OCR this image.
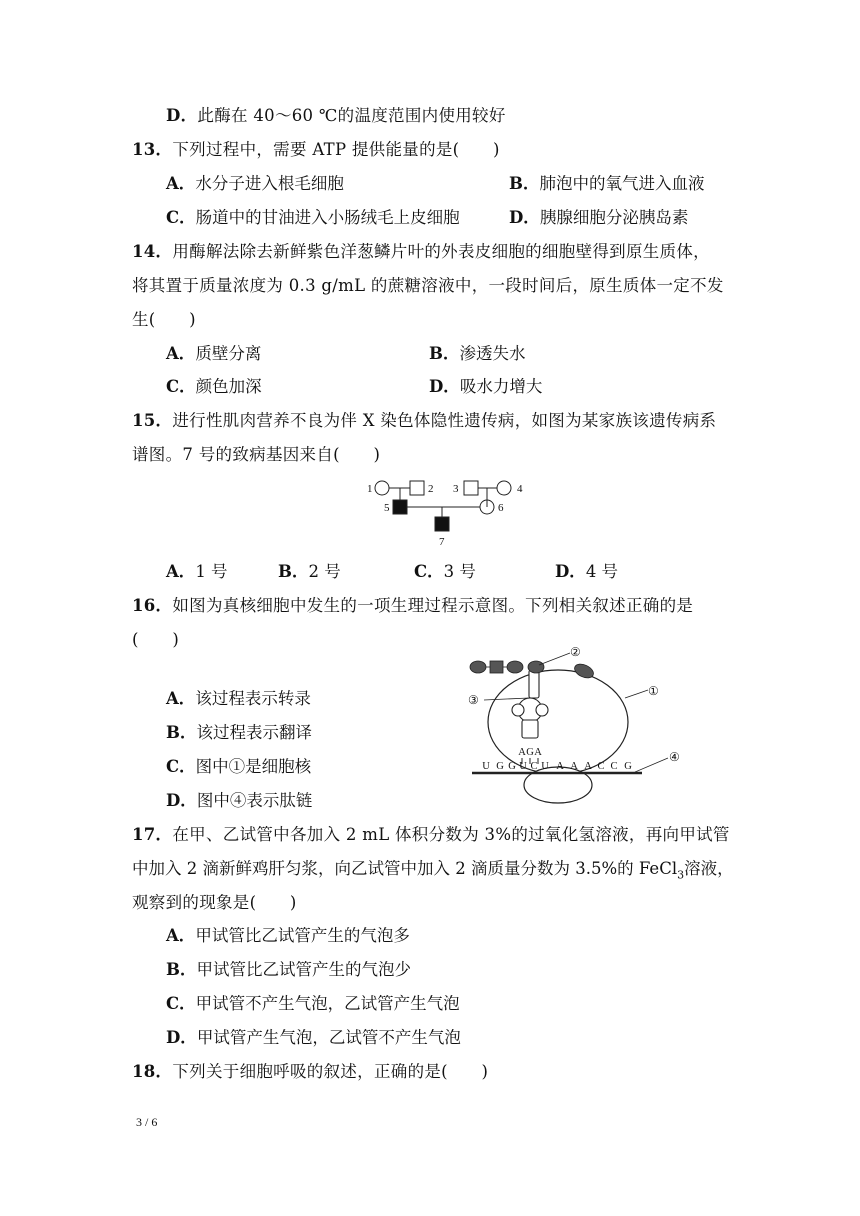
D．此酶在 40～60 ℃的温度范围内使用较好
13．下列过程中，需要 ATP 提供能量的是(　　)
A．水分子进入根毛细胞	B．肺泡中的氧气进入血液
C．肠道中的甘油进入小肠绒毛上皮细胞	D．胰腺细胞分泌胰岛素
14．用酶解法除去新鲜紫色洋葱鳞片叶的外表皮细胞的细胞壁得到原生质体，
将其置于质量浓度为 0.3 g/mL 的蔗糖溶液中，一段时间后，原生质体一定不发
生(　　)
A．质壁分离	B．渗透失水
C．颜色加深	D．吸水力增大
15．进行性肌肉营养不良为伴 X 染色体隐性遗传病，如图为某家族该遗传病系
谱图。7 号的致病基因来自(　　)
1	2 3	4
5	6
7
A．1 号	B．2 号	C．3 号	D．4 号
16．如图为真核细胞中发生的一项生理过程示意图。下列相关叙述正确的是
(　　)
A．该过程表示转录
B．该过程表示翻译
C．图中①是细胞核
D．图中④表示肽链
①
②
③
④
A G A
U G G U C U A A A C C G
17．在甲、乙试管中各加入 2 mL 体积分数为 3%的过氧化氢溶液，再向甲试管
中加入 2 滴新鲜鸡肝匀浆，向乙试管中加入 2 滴质量分数为 3.5%的 FeCl$_3$溶液，
观察到的现象是(　　)
A．甲试管比乙试管产生的气泡多
B．甲试管比乙试管产生的气泡少
C．甲试管不产生气泡，乙试管产生气泡
D．甲试管产生气泡，乙试管不产生气泡
18．下列关于细胞呼吸的叙述，正确的是(　　)
3 / 6
